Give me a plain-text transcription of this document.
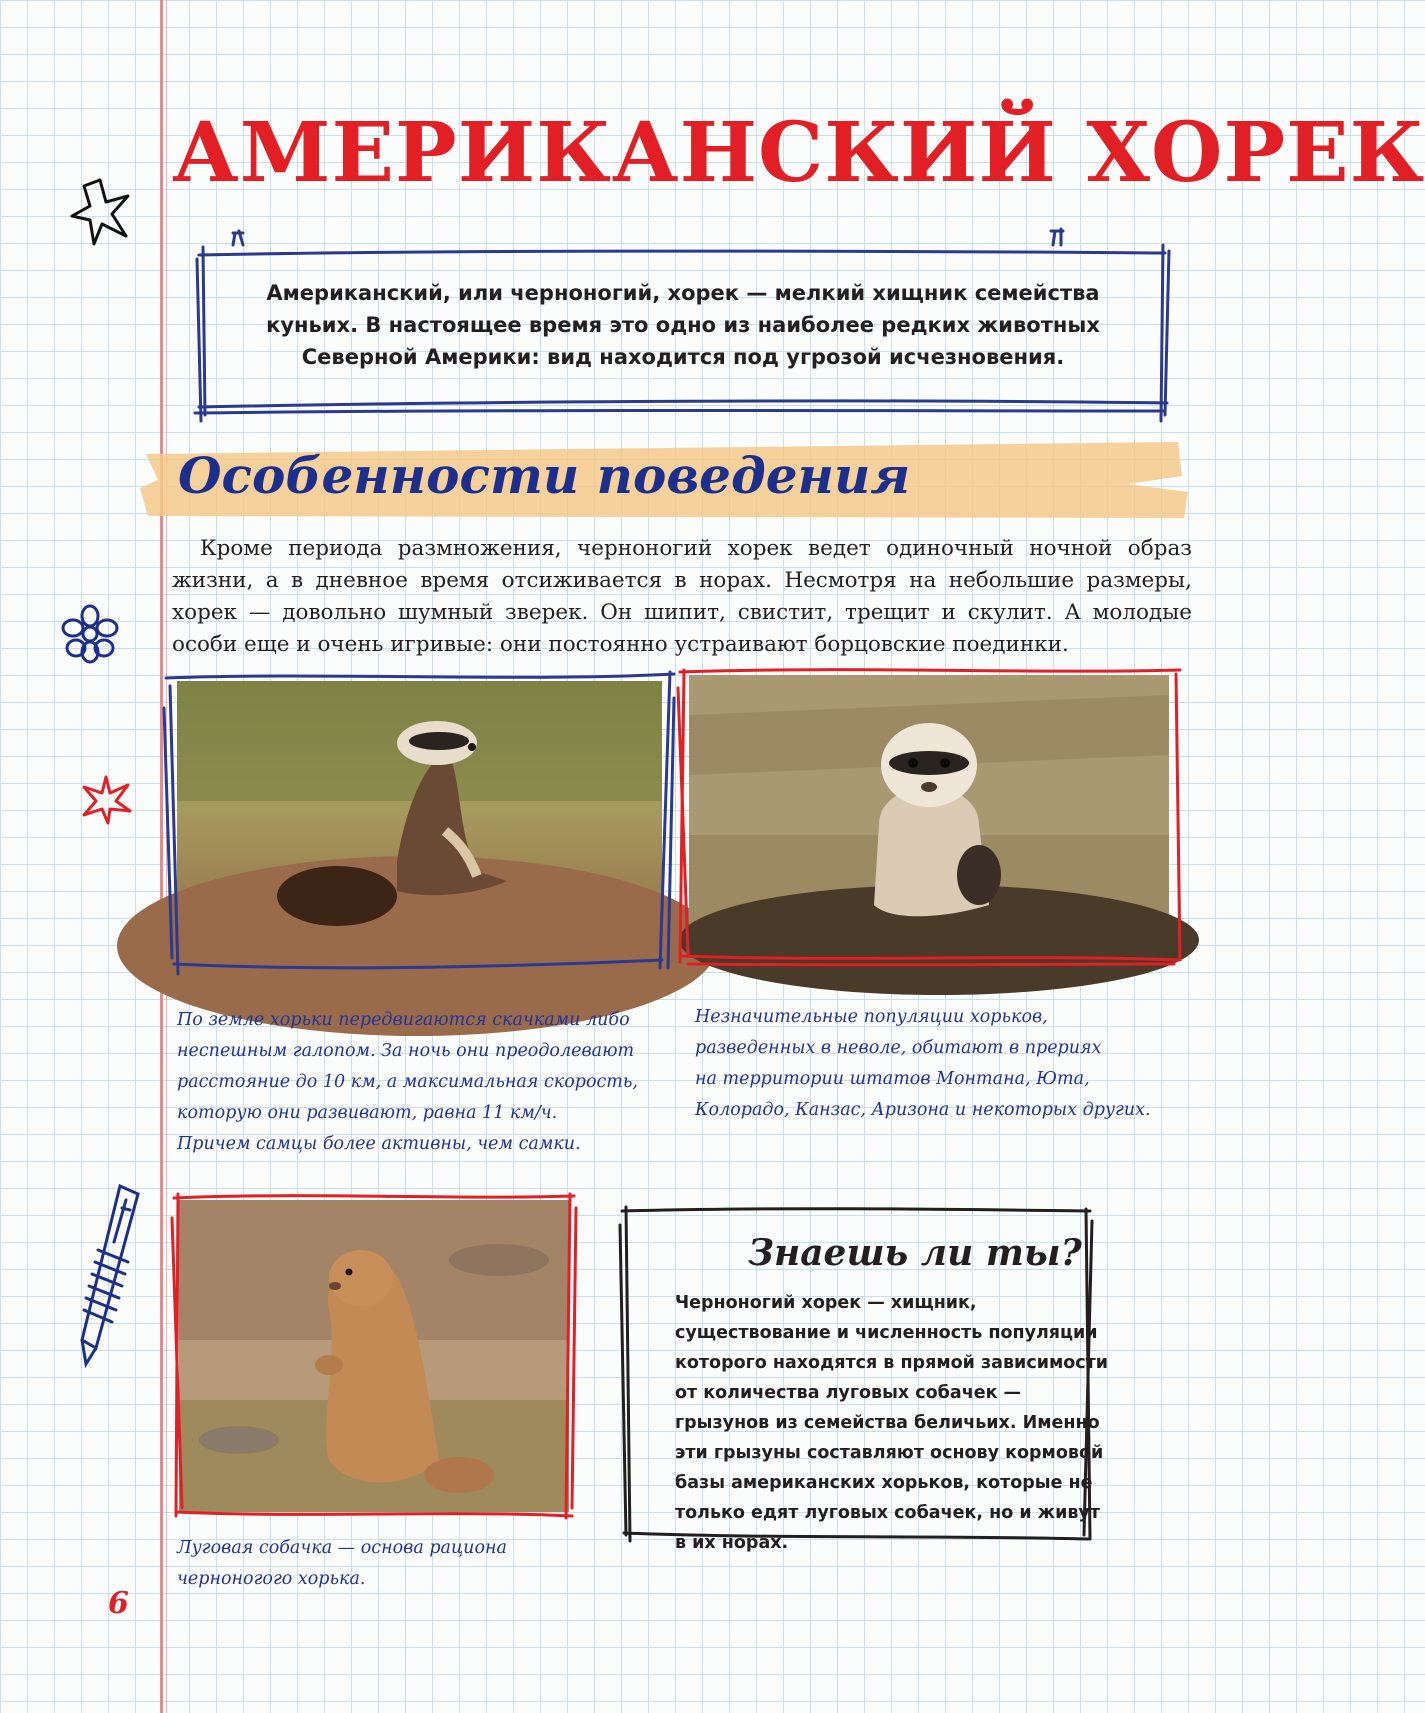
АМЕРИКАНСКИЙ ХОРЕК
Американский, или черноногий, хорек — мелкий хищник семейства куньих. В настоящее время это одно из наиболее редких животных Северной Америки: вид находится под угрозой исчезновения.
Особенности поведения
Кроме периода размножения, черноногий хорек ведет одиночный ночной образ жизни, а в дневное время отсиживается в норах. Несмотря на небольшие размеры, хорек — довольно шумный зверек. Он шипит, свистит, трещит и скулит. А молодые особи еще и очень игривые: они постоянно устраивают борцовские поединки.
По земле хорьки передвигаются скачками либо
неспешным галопом. За ночь они преодолевают
расстояние до 10 км, а максимальная скорость,
которую они развивают, равна 11 км/ч.
Причем самцы более активны, чем самки.
Незначительные популяции хорьков,
разведенных в неволе, обитают в прериях
на территории штатов Монтана, Юта,
Колорадо, Канзас, Аризона и некоторых других.
Луговая собачка — основа рациона
черноногого хорька.
Знаешь ли ты?
Черноногий хорек — хищник, существование и численность популяции которого находятся в прямой зависимости от количества луговых собачек — грызунов из семейства беличьих. Именно эти грызуны составляют основу кормовой базы американских хорьков, которые не только едят луговых собачек, но и живут в их норах.
6
